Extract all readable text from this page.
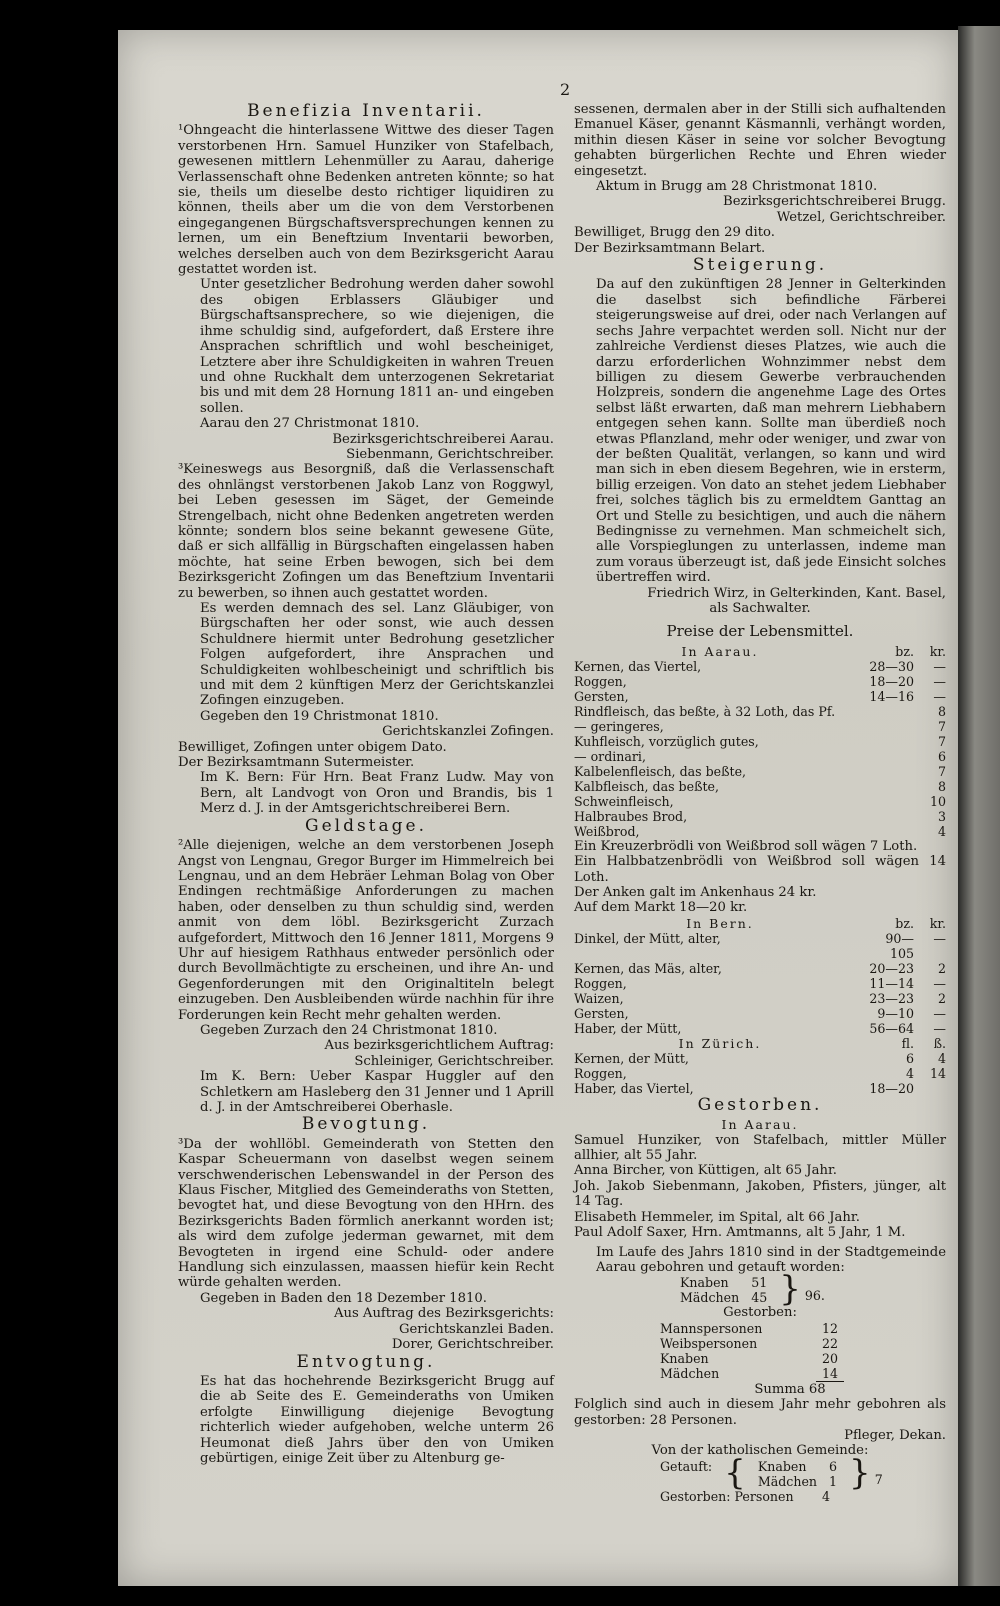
2
Benefizia Inventarii.

¹Ohngeacht die hinterlassene Wittwe des dieser Tagen verstorbenen Hrn. Samuel Hunziker von Stafelbach, gewesenen mittlern Lehenmüller zu Aarau, daherige Verlassenschaft ohne Bedenken antreten könnte; so hat sie, theils um dieselbe desto richtiger liquidiren zu können, theils aber um die von dem Verstorbenen eingegangenen Bürgschaftsversprechungen kennen zu lernen, um ein Beneftzium Inventarii beworben, welches derselben auch von dem Bezirksgericht Aarau gestattet worden ist.

Unter gesetzlicher Bedrohung werden daher sowohl des obigen Erblassers Gläubiger und Bürgschaftsansprechere, so wie diejenigen, die ihme schuldig sind, aufgefordert, daß Erstere ihre Ansprachen schriftlich und wohl bescheiniget, Letztere aber ihre Schuldigkeiten in wahren Treuen und ohne Ruckhalt dem unterzogenen Sekretariat bis und mit dem 28 Hornung 1811 an- und eingeben sollen.

Aarau den 27 Christmonat 1810.

Bezirksgerichtschreiberei Aarau.

Siebenmann, Gerichtschreiber.

³Keineswegs aus Besorgniß, daß die Verlassenschaft des ohnlängst verstorbenen Jakob Lanz von Roggwyl, bei Leben gesessen im Säget, der Gemeinde Strengelbach, nicht ohne Bedenken angetreten werden könnte; sondern blos seine bekannt gewesene Güte, daß er sich allfällig in Bürgschaften eingelassen haben möchte, hat seine Erben bewogen, sich bei dem Bezirksgericht Zofingen um das Beneftzium Inventarii zu bewerben, so ihnen auch gestattet worden.

Es werden demnach des sel. Lanz Gläubiger, von Bürgschaften her oder sonst, wie auch dessen Schuldnere hiermit unter Bedrohung gesetzlicher Folgen aufgefordert, ihre Ansprachen und Schuldigkeiten wohlbescheinigt und schriftlich bis und mit dem 2 künftigen Merz der Gerichtskanzlei Zofingen einzugeben.

Gegeben den 19 Christmonat 1810.

Gerichtskanzlei Zofingen.

Bewilliget, Zofingen unter obigem Dato.

Der Bezirksamtmann Sutermeister.

Im K. Bern: Für Hrn. Beat Franz Ludw. May von Bern, alt Landvogt von Oron und Brandis, bis 1 Merz d. J. in der Amtsgerichtschreiberei Bern.

Geldstage.

²Alle diejenigen, welche an dem verstorbenen Joseph Angst von Lengnau, Gregor Burger im Himmelreich bei Lengnau, und an dem Hebräer Lehman Bolag von Ober Endingen rechtmäßige Anforderungen zu machen haben, oder denselben zu thun schuldig sind, werden anmit von dem löbl. Bezirksgericht Zurzach aufgefordert, Mittwoch den 16 Jenner 1811, Morgens 9 Uhr auf hiesigem Rathhaus entweder persönlich oder durch Bevollmächtigte zu erscheinen, und ihre An- und Gegenforderungen mit den Originaltiteln belegt einzugeben. Den Ausbleibenden würde nachhin für ihre Forderungen kein Recht mehr gehalten werden.

Gegeben Zurzach den 24 Christmonat 1810.

Aus bezirksgerichtlichem Auftrag:

Schleiniger, Gerichtschreiber.

Im K. Bern: Ueber Kaspar Huggler auf den Schletkern am Hasleberg den 31 Jenner und 1 Aprill d. J. in der Amtschreiberei Oberhasle.

Bevogtung.

³Da der wohllöbl. Gemeinderath von Stetten den Kaspar Scheuermann von daselbst wegen seinem verschwenderischen Lebenswandel in der Person des Klaus Fischer, Mitglied des Gemeinderaths von Stetten, bevogtet hat, und diese Bevogtung von den HHrn. des Bezirksgerichts Baden förmlich anerkannt worden ist; als wird dem zufolge jederman gewarnet, mit dem Bevogteten in irgend eine Schuld- oder andere Handlung sich einzulassen, maassen hiefür kein Recht würde gehalten werden.

Gegeben in Baden den 18 Dezember 1810.

Aus Auftrag des Bezirksgerichts:

Gerichtskanzlei Baden.

Dorer, Gerichtschreiber.

Entvogtung.

Es hat das hochehrende Bezirksgericht Brugg auf die ab Seite des E. Gemeinderaths von Umiken erfolgte Einwilligung diejenige Bevogtung richterlich wieder aufgehoben, welche unterm 26 Heumonat dieß Jahrs über den von Umiken gebürtigen, einige Zeit über zu Altenburg ge-

sessenen, dermalen aber in der Stilli sich aufhaltenden Emanuel Käser, genannt Käsmannli, verhängt worden, mithin diesen Käser in seine vor solcher Bevogtung gehabten bürgerlichen Rechte und Ehren wieder eingesetzt.

Aktum in Brugg am 28 Christmonat 1810.

Bezirksgerichtschreiberei Brugg.

Wetzel, Gerichtschreiber.

Bewilliget, Brugg den 29 dito.

Der Bezirksamtmann Belart.

Steigerung.

Da auf den zukünftigen 28 Jenner in Gelterkinden die daselbst sich befindliche Färberei steigerungsweise auf drei, oder nach Verlangen auf sechs Jahre verpachtet werden soll. Nicht nur der zahlreiche Verdienst dieses Platzes, wie auch die darzu erforderlichen Wohnzimmer nebst dem billigen zu diesem Gewerbe verbrauchenden Holzpreis, sondern die angenehme Lage des Ortes selbst läßt erwarten, daß man mehrern Liebhabern entgegen sehen kann. Sollte man überdieß noch etwas Pflanzland, mehr oder weniger, und zwar von der beßten Qualität, verlangen, so kann und wird man sich in eben diesem Begehren, wie in ersterm, billig erzeigen. Von dato an stehet jedem Liebhaber frei, solches täglich bis zu ermeldtem Ganttag an Ort und Stelle zu besichtigen, und auch die nähern Bedingnisse zu vernehmen. Man schmeichelt sich, alle Vorspieglungen zu unterlassen, indeme man zum voraus überzeugt ist, daß jede Einsicht solches übertreffen wird.

Friedrich Wirz, in Gelterkinden, Kant. Basel,

als Sachwalter.

Preise der Lebensmittel.
In Aarau.	bz.	kr.
Kernen, das Viertel,	28—30	—
Roggen,	18—20	—
Gersten,	14—16	—
Rindfleisch, das beßte, à 32 Loth, das Pf.		8
— geringeres,		7
Kuhfleisch, vorzüglich gutes,		7
— ordinari,		6
Kalbelenfleisch, das beßte,		7
Kalbfleisch, das beßte,		8
Schweinfleisch,		10
Halbraubes Brod,		3
Weißbrod,		4

Ein Kreuzerbrödli von Weißbrod soll wägen 7 Loth.

Ein Halbbatzenbrödli von Weißbrod soll wägen 14 Loth.

Der Anken galt im Ankenhaus 24 kr.

Auf dem Markt 18—20 kr.

In Bern.	bz.	kr.
Dinkel, der Mütt, alter,	90—105	—
Kernen, das Mäs, alter,	20—23	2
Roggen,	11—14	—
Waizen,	23—23	2
Gersten,	9—10	—
Haber, der Mütt,	56—64	—
In Zürich.	fl.	ß.
Kernen, der Mütt,	6	4
Roggen,	4	14
Haber, das Viertel,	18—20	
Gestorben.
In Aarau.

Samuel Hunziker, von Stafelbach, mittler Müller allhier, alt 55 Jahr.

Anna Bircher, von Küttigen, alt 65 Jahr.

Joh. Jakob Siebenmann, Jakoben, Pfisters, jünger, alt 14 Tag.

Elisabeth Hemmeler, im Spital, alt 66 Jahr.

Paul Adolf Saxer, Hrn. Amtmanns, alt 5 Jahr, 1 M.

Im Laufe des Jahrs 1810 sind in der Stadtgemeinde Aarau gebohren und getauft worden:

Knaben	51	} 96.
Mädchen	45	
Gestorben:
Mannspersonen	12
Weibspersonen	22
Knaben	20
Mädchen	14
Summa 68

Folglich sind auch in diesem Jahr mehr gebohren als gestorben: 28 Personen.

Pfleger, Dekan.

Von der katholischen Gemeinde:

Getauft:	{	Knaben	6	} 7
		Mädchen	1	
Gestorben: Personen	4
